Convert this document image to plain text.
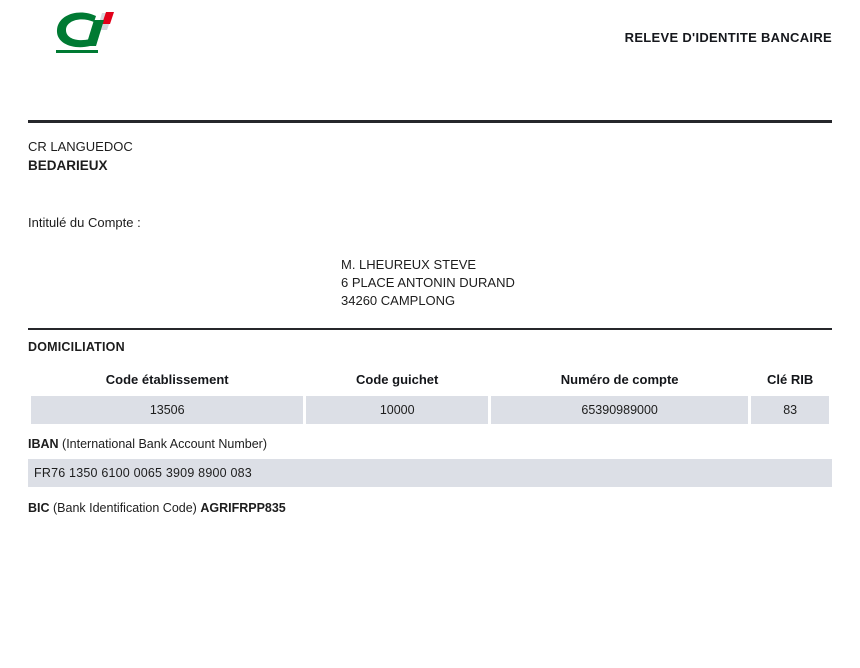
RELEVE D'IDENTITE BANCAIRE
CR LANGUEDOC
BEDARIEUX
Intitulé du Compte :
M. LHEUREUX STEVE
6 PLACE ANTONIN DURAND
34260 CAMPLONG
DOMICILIATION
Code établissement	Code guichet	Numéro de compte	Clé RIB
13506	10000	65390989000	83
IBAN (International Bank Account Number)
FR76 1350 6100 0065 3909 8900 083
BIC (Bank Identification Code) AGRIFRPP835
